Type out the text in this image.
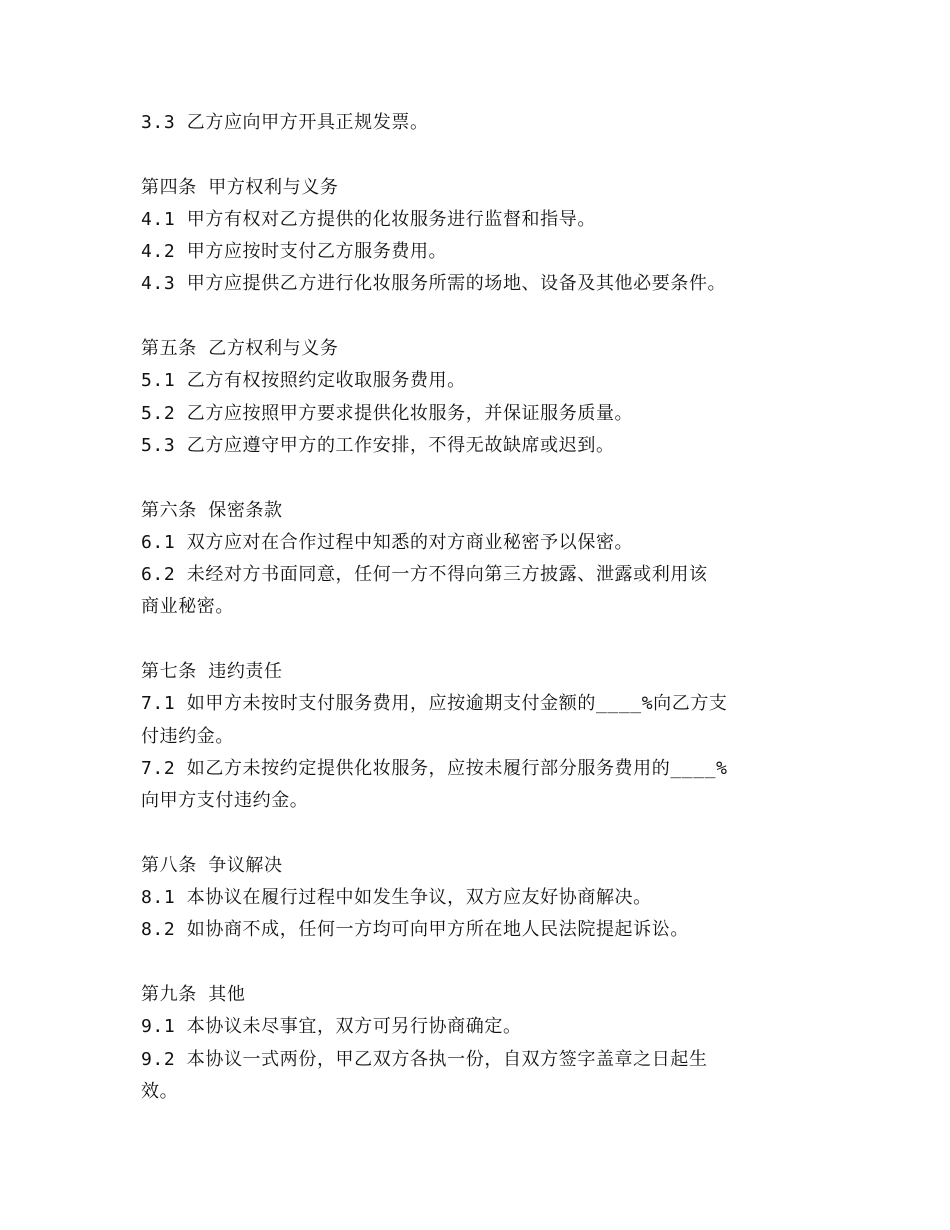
3.3 乙方应向甲方开具正规发票。
第四条 甲方权利与义务
4.1 甲方有权对乙方提供的化妆服务进行监督和指导。
4.2 甲方应按时支付乙方服务费用。
4.3 甲方应提供乙方进行化妆服务所需的场地、设备及其他必要条件。
第五条 乙方权利与义务
5.1 乙方有权按照约定收取服务费用。
5.2 乙方应按照甲方要求提供化妆服务，并保证服务质量。
5.3 乙方应遵守甲方的工作安排，不得无故缺席或迟到。
第六条 保密条款
6.1 双方应对在合作过程中知悉的对方商业秘密予以保密。
6.2 未经对方书面同意，任何一方不得向第三方披露、泄露或利用该
商业秘密。
第七条 违约责任
7.1 如甲方未按时支付服务费用，应按逾期支付金额的____%向乙方支
付违约金。
7.2 如乙方未按约定提供化妆服务，应按未履行部分服务费用的____%
向甲方支付违约金。
第八条 争议解决
8.1 本协议在履行过程中如发生争议，双方应友好协商解决。
8.2 如协商不成，任何一方均可向甲方所在地人民法院提起诉讼。
第九条 其他
9.1 本协议未尽事宜，双方可另行协商确定。
9.2 本协议一式两份，甲乙双方各执一份，自双方签字盖章之日起生
效。
